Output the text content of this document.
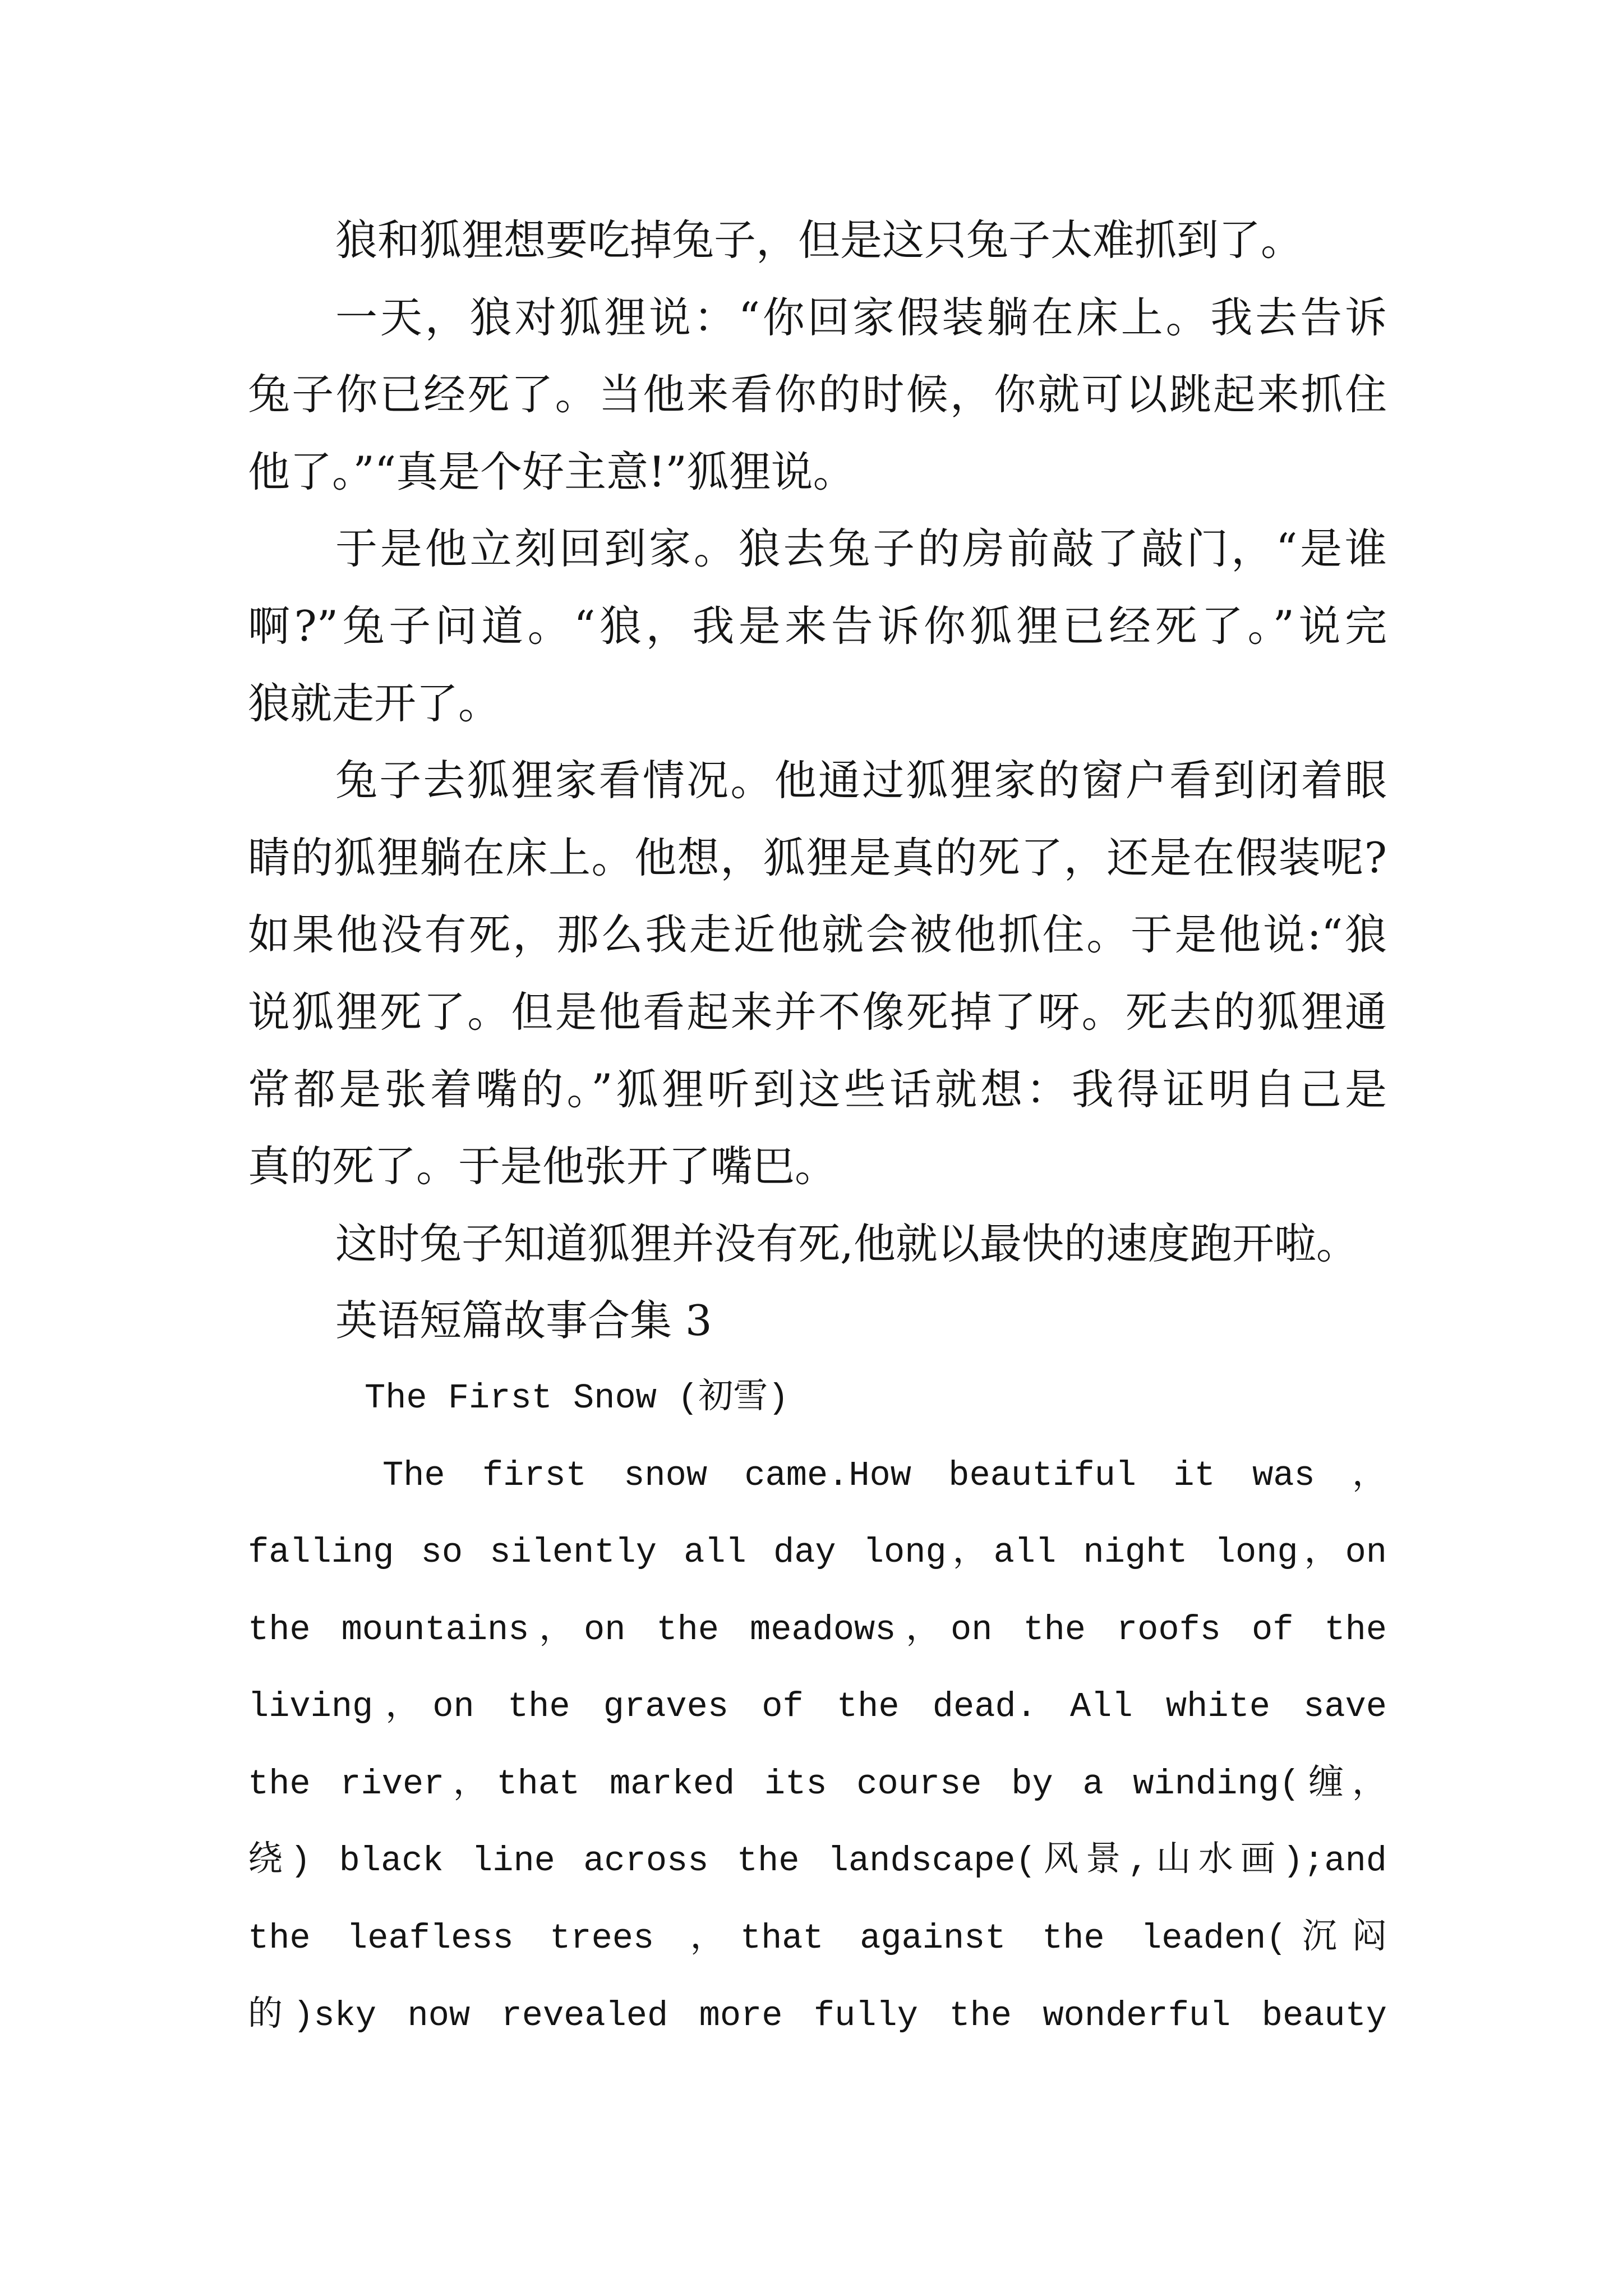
狼和狐狸想要吃掉兔子，但是这只兔子太难抓到了。
一天，狼对狐狸说：“你回家假装躺在床上。我去告诉
兔子你已经死了。当他来看你的时候，你就可以跳起来抓住
他了。”“真是个好主意!”狐狸说。
于是他立刻回到家。狼去兔子的房前敲了敲门，“是谁
啊?”兔子问道。“狼，我是来告诉你狐狸已经死了。”说完
狼就走开了。
兔子去狐狸家看情况。他通过狐狸家的窗户看到闭着眼
睛的狐狸躺在床上。他想，狐狸是真的死了，还是在假装呢?
如果他没有死，那么我走近他就会被他抓住。于是他说:“狼
说狐狸死了。但是他看起来并不像死掉了呀。死去的狐狸通
常都是张着嘴的。”狐狸听到这些话就想：我得证明自己是
真的死了。于是他张开了嘴巴。
这时兔子知道狐狸并没有死,他就以最快的速度跑开啦。
英语短篇故事合集 3
The First Snow (初雪)
The first snow came.How beautiful it was ，
falling so silently all day long，all night long，on
the mountains，on the meadows，on the roofs of the
living，on the graves of the dead. All white save
the river，that marked its course by a winding(缠，
绕) black line across the landscape(风景,山水画);and
the leafless trees ，that against the leaden(沉闷
的)sky now revealed more fully the wonderful beauty
